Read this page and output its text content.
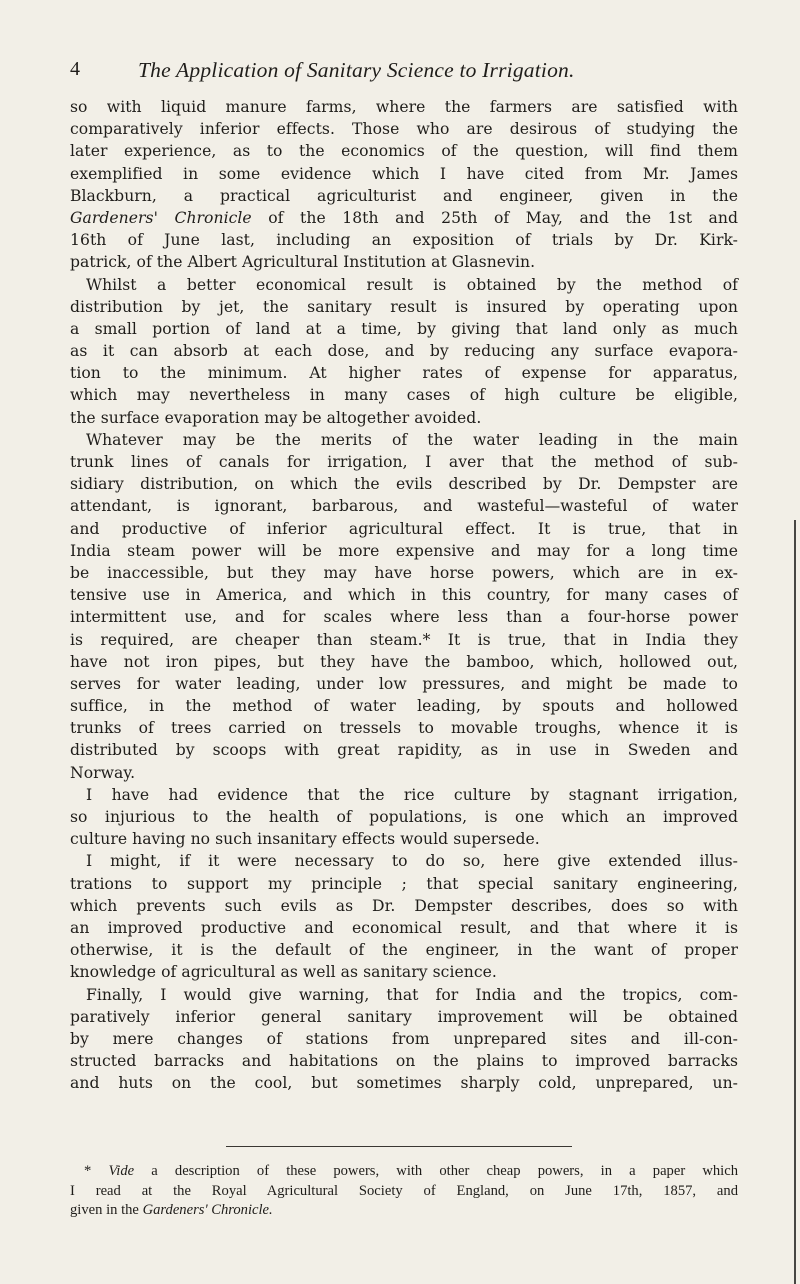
4	The Application of Sanitary Science to Irrigation.
so with liquid manure farms, where the farmers are satisfied with
comparatively inferior effects. Those who are desirous of studying the
later experience, as to the economics of the question, will find them
exemplified in some evidence which I have cited from Mr. James
Blackburn, a practical agriculturist and engineer, given in the
Gardeners' Chronicle of the 18th and 25th of May, and the 1st and
16th of June last, including an exposition of trials by Dr. Kirk-
patrick, of the Albert Agricultural Institution at Glasnevin.
Whilst a better economical result is obtained by the method of
distribution by jet, the sanitary result is insured by operating upon
a small portion of land at a time, by giving that land only as much
as it can absorb at each dose, and by reducing any surface evapora-
tion to the minimum. At higher rates of expense for apparatus,
which may nevertheless in many cases of high culture be eligible,
the surface evaporation may be altogether avoided.
Whatever may be the merits of the water leading in the main
trunk lines of canals for irrigation, I aver that the method of sub-
sidiary distribution, on which the evils described by Dr. Dempster are
attendant, is ignorant, barbarous, and wasteful—wasteful of water
and productive of inferior agricultural effect. It is true, that in
India steam power will be more expensive and may for a long time
be inaccessible, but they may have horse powers, which are in ex-
tensive use in America, and which in this country, for many cases of
intermittent use, and for scales where less than a four-horse power
is required, are cheaper than steam.* It is true, that in India they
have not iron pipes, but they have the bamboo, which, hollowed out,
serves for water leading, under low pressures, and might be made to
suffice, in the method of water leading, by spouts and hollowed
trunks of trees carried on tressels to movable troughs, whence it is
distributed by scoops with great rapidity, as in use in Sweden and
Norway.
I have had evidence that the rice culture by stagnant irrigation,
so injurious to the health of populations, is one which an improved
culture having no such insanitary effects would supersede.
I might, if it were necessary to do so, here give extended illus-
trations to support my principle ; that special sanitary engineering,
which prevents such evils as Dr. Dempster describes, does so with
an improved productive and economical result, and that where it is
otherwise, it is the default of the engineer, in the want of proper
knowledge of agricultural as well as sanitary science.
Finally, I would give warning, that for India and the tropics, com-
paratively inferior general sanitary improvement will be obtained
by mere changes of stations from unprepared sites and ill-con-
structed barracks and habitations on the plains to improved barracks
and huts on the cool, but sometimes sharply cold, unprepared, un-
* Vide a description of these powers, with other cheap powers, in a paper which
I read at the Royal Agricultural Society of England, on June 17th, 1857, and
given in the Gardeners' Chronicle.
